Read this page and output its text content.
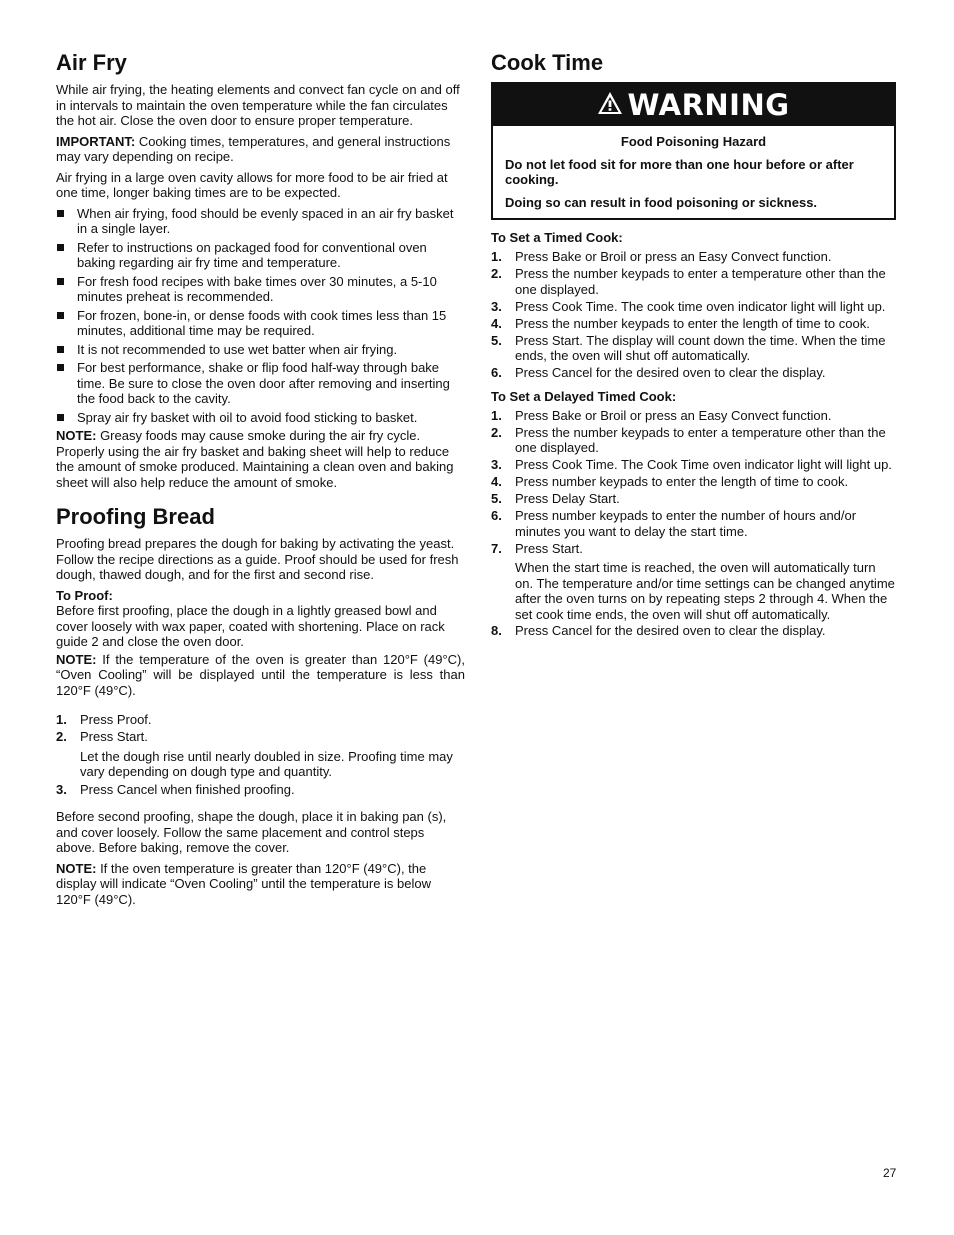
Air Fry

While air frying, the heating elements and convect fan cycle on and off in intervals to maintain the oven temperature while the fan circulates the hot air. Close the oven door to ensure proper temperature.

IMPORTANT: Cooking times, temperatures, and general instructions may vary depending on recipe.

Air frying in a large oven cavity allows for more food to be air fried at one time, longer baking times are to be expected.

When air frying, food should be evenly spaced in an air fry basket in a single layer.
Refer to instructions on packaged food for conventional oven baking regarding air fry time and temperature.
For fresh food recipes with bake times over 30 minutes, a 5-10 minutes preheat is recommended.
For frozen, bone-in, or dense foods with cook times less than 15 minutes, additional time may be required.
It is not recommended to use wet batter when air frying.
For best performance, shake or flip food half-way through bake time. Be sure to close the oven door after removing and inserting the food back to the cavity.
Spray air fry basket with oil to avoid food sticking to basket.

NOTE: Greasy foods may cause smoke during the air fry cycle. Properly using the air fry basket and baking sheet will help to reduce the amount of smoke produced. Maintaining a clean oven and baking sheet will also help reduce the amount of smoke.

Proofing Bread

Proofing bread prepares the dough for baking by activating the yeast. Follow the recipe directions as a guide. Proof should be used for fresh dough, thawed dough, and for the first and second rise.

To Proof:

Before first proofing, place the dough in a lightly greased bowl and cover loosely with wax paper, coated with shortening. Place on rack guide 2 and close the oven door.

NOTE: If the temperature of the oven is greater than 120°F (49°C), “Oven Cooling” will be displayed until the temperature is less than 120°F (49°C).

1. Press Proof.
2. Press Start.

Let the dough rise until nearly doubled in size. Proofing time may vary depending on dough type and quantity.

3. Press Cancel when finished proofing.

Before second proofing, shape the dough, place it in baking pan (s), and cover loosely. Follow the same placement and control steps above. Before baking, remove the cover.

NOTE: If the oven temperature is greater than 120°F (49°C), the display will indicate “Oven Cooling” until the temperature is below 120°F (49°C).

Cook Time
WARNING

Food Poisoning Hazard

Do not let food sit for more than one hour before or after cooking.

Doing so can result in food poisoning or sickness.

To Set a Timed Cook:
1. Press Bake or Broil or press an Easy Convect function.
2. Press the number keypads to enter a temperature other than the one displayed.
3. Press Cook Time. The cook time oven indicator light will light up.
4. Press the number keypads to enter the length of time to cook.
5. Press Start. The display will count down the time. When the time ends, the oven will shut off automatically.
6. Press Cancel for the desired oven to clear the display.
To Set a Delayed Timed Cook:
1. Press Bake or Broil or press an Easy Convect function.
2. Press the number keypads to enter a temperature other than the one displayed.
3. Press Cook Time. The Cook Time oven indicator light will light up.
4. Press number keypads to enter the length of time to cook.
5. Press Delay Start.
6. Press number keypads to enter the number of hours and/or minutes you want to delay the start time.
7. Press Start.

When the start time is reached, the oven will automatically turn on. The temperature and/or time settings can be changed anytime after the oven turns on by repeating steps 2 through 4. When the set cook time ends, the oven will shut off automatically.

8. Press Cancel for the desired oven to clear the display.
27
